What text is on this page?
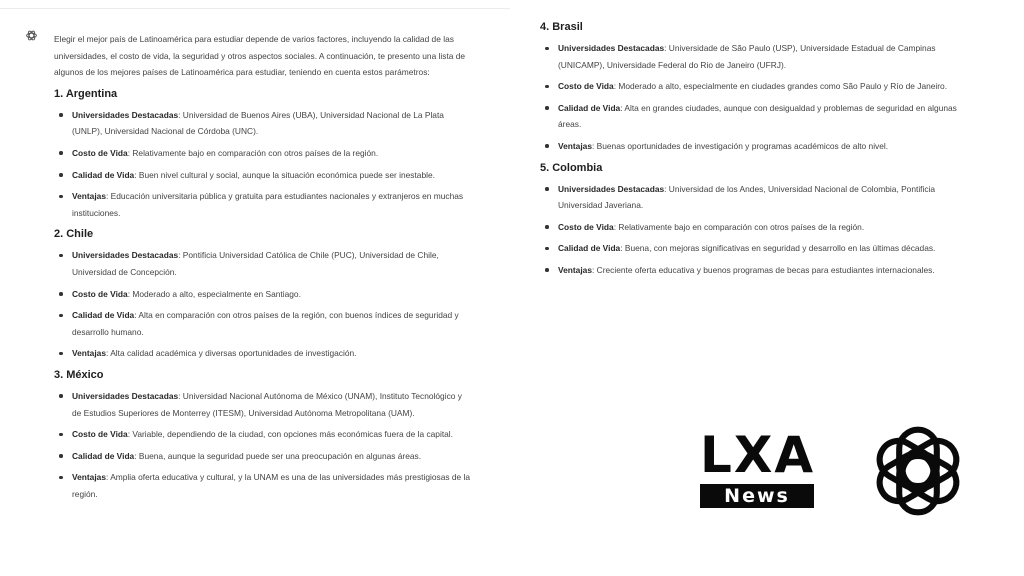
Elegir el mejor país de Latinoamérica para estudiar depende de varios factores, incluyendo la calidad de las universidades, el costo de vida, la seguridad y otros aspectos sociales. A continuación, te presento una lista de algunos de los mejores países de Latinoamérica para estudiar, teniendo en cuenta estos parámetros:

1. Argentina
Universidades Destacadas: Universidad de Buenos Aires (UBA), Universidad Nacional de La Plata (UNLP), Universidad Nacional de Córdoba (UNC).
Costo de Vida: Relativamente bajo en comparación con otros países de la región.
Calidad de Vida: Buen nivel cultural y social, aunque la situación económica puede ser inestable.
Ventajas: Educación universitaria pública y gratuita para estudiantes nacionales y extranjeros en muchas instituciones.
2. Chile
Universidades Destacadas: Pontificia Universidad Católica de Chile (PUC), Universidad de Chile, Universidad de Concepción.
Costo de Vida: Moderado a alto, especialmente en Santiago.
Calidad de Vida: Alta en comparación con otros países de la región, con buenos índices de seguridad y desarrollo humano.
Ventajas: Alta calidad académica y diversas oportunidades de investigación.
3. México
Universidades Destacadas: Universidad Nacional Autónoma de México (UNAM), Instituto Tecnológico y de Estudios Superiores de Monterrey (ITESM), Universidad Autónoma Metropolitana (UAM).
Costo de Vida: Variable, dependiendo de la ciudad, con opciones más económicas fuera de la capital.
Calidad de Vida: Buena, aunque la seguridad puede ser una preocupación en algunas áreas.
Ventajas: Amplia oferta educativa y cultural, y la UNAM es una de las universidades más prestigiosas de la región.
4. Brasil
Universidades Destacadas: Universidade de São Paulo (USP), Universidade Estadual de Campinas (UNICAMP), Universidade Federal do Rio de Janeiro (UFRJ).
Costo de Vida: Moderado a alto, especialmente en ciudades grandes como São Paulo y Río de Janeiro.
Calidad de Vida: Alta en grandes ciudades, aunque con desigualdad y problemas de seguridad en algunas áreas.
Ventajas: Buenas oportunidades de investigación y programas académicos de alto nivel.
5. Colombia
Universidades Destacadas: Universidad de los Andes, Universidad Nacional de Colombia, Pontificia Universidad Javeriana.
Costo de Vida: Relativamente bajo en comparación con otros países de la región.
Calidad de Vida: Buena, con mejoras significativas en seguridad y desarrollo en las últimas décadas.
Ventajas: Creciente oferta educativa y buenos programas de becas para estudiantes internacionales.
LXA
News
